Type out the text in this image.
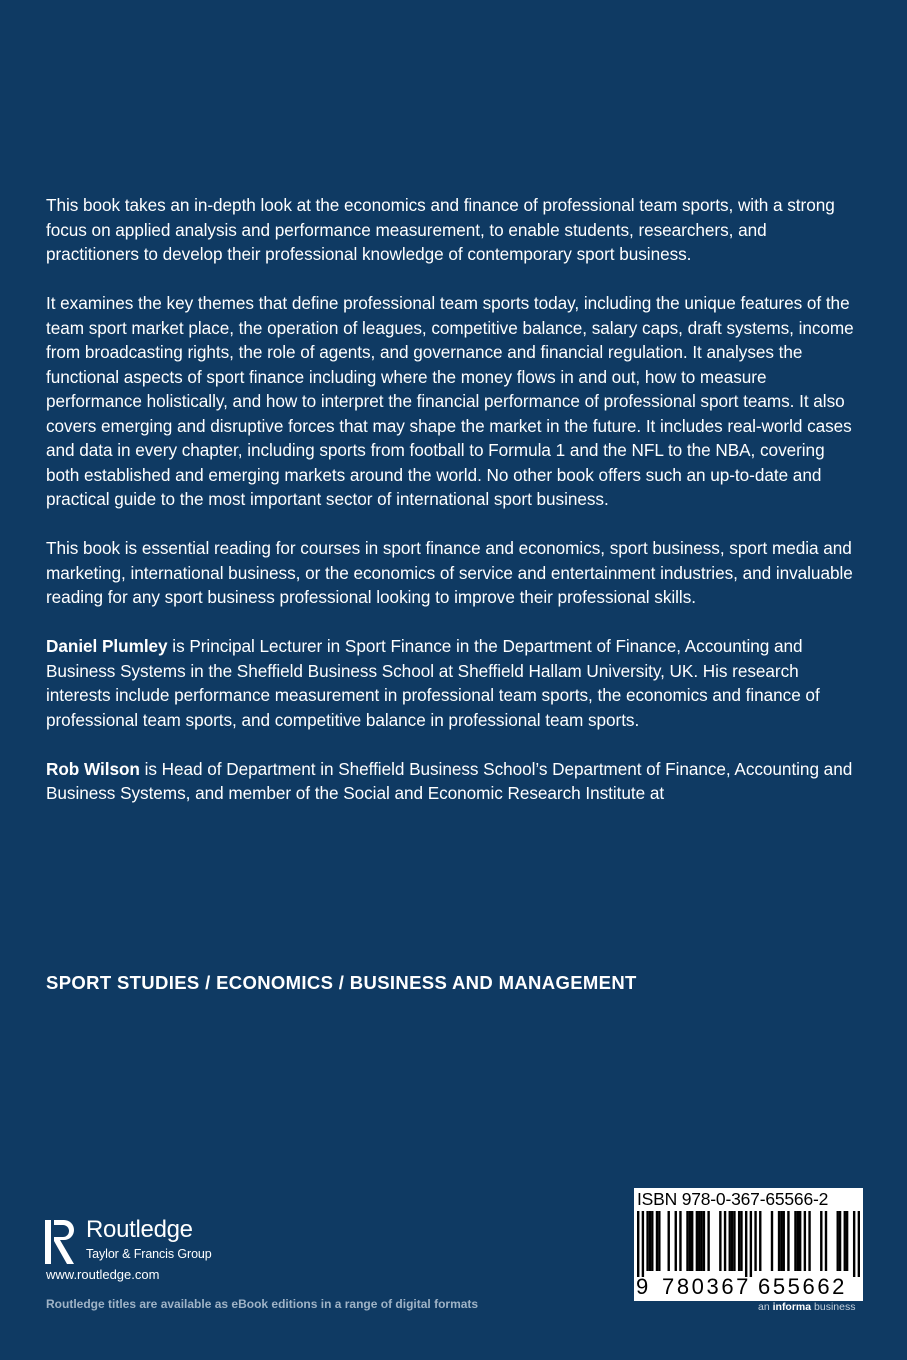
This book takes an in-depth look at the economics and finance of professional team sports, with a strong focus on applied analysis and performance measurement, to enable students, researchers, and practitioners to develop their professional knowledge of contemporary sport business.

It examines the key themes that define professional team sports today, including the unique features of the team sport market place, the operation of leagues, competitive balance, salary caps, draft systems, income from broadcasting rights, the role of agents, and governance and financial regulation. It analyses the functional aspects of sport finance including where the money flows in and out, how to measure performance holistically, and how to interpret the financial performance of professional sport teams. It also covers emerging and disruptive forces that may shape the market in the future. It includes real-world cases and data in every chapter, including sports from football to Formula 1 and the NFL to the NBA, covering both established and emerging markets around the world. No other book offers such an up-to-date and practical guide to the most important sector of international sport business.

This book is essential reading for courses in sport finance and economics, sport business, sport media and marketing, international business, or the economics of service and entertainment industries, and invaluable reading for any sport business professional looking to improve their professional skills.

Daniel Plumley is Principal Lecturer in Sport Finance in the Department of Finance, Accounting and Business Systems in the Sheffield Business School at Sheffield Hallam University, UK. His research interests include performance measurement in professional team sports, the economics and finance of professional team sports, and competitive balance in professional team sports.

Rob Wilson is Head of Department in Sheffield Business School’s Department of Finance, Accounting and Business Systems, and member of the Social and Economic Research Institute at

SPORT STUDIES / ECONOMICS / BUSINESS AND MANAGEMENT

Routledge
Taylor & Francis Group
www.routledge.com
Routledge titles are available as eBook editions in a range of digital formats
ISBN 978-0-367-65566-2
9 780367 655662
an informa business
